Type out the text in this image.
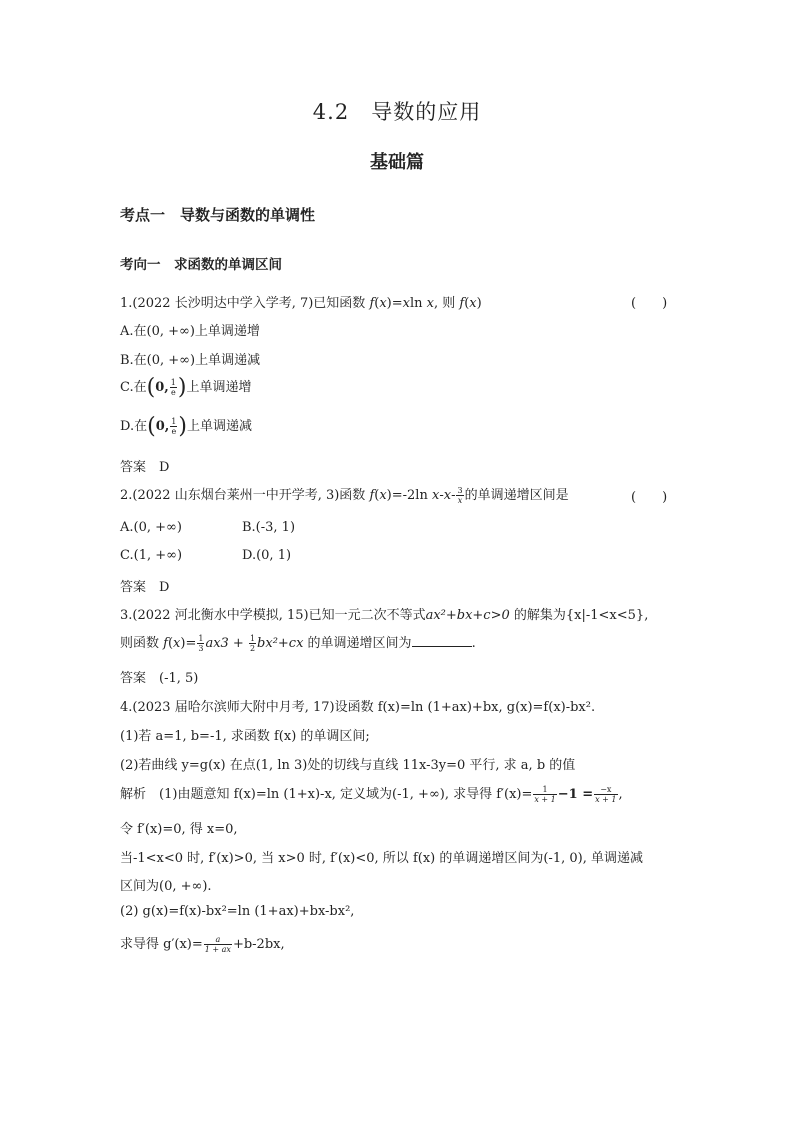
4.2　导数的应用
基础篇
考点一　导数与函数的单调性
考向一　求函数的单调区间
1.(2022 长沙明达中学入学考, 7)已知函数 f(x)=xln x, 则 f(x)	(　　)
A.在(0, +∞)上单调递增
B.在(0, +∞)上单调递减
C.在(0, $\frac{1}{e}$ )上单调递增
D.在(0, $\frac{1}{e}$ )上单调递减
答案　 D
2.(2022 山东烟台莱州一中开学考, 3)函数 f(x)=-2ln $x-x- \frac{3}{x}$ 的单调递增区间是	(　　)
A.(0, +∞)	B.(-3, 1)
C.(1, +∞)	D.(0, 1)
答案　 D
3.(2022 河北衡水中学模拟, 15)已知一元二次不等式ax²+bx+c>0 的解集为{x|-1<x<5},
则函数 $f(x)= \frac{1}{3} ax3 + \frac{1}{2} bx^2+cx$ 的单调递增区间为	.
答案　 (-1, 5)
4.(2023 届哈尔滨师大附中月考, 17)设函数 f(x)=ln (1+ax)+bx, g(x)=f(x)-bx².
(1)若 a=1, b=-1, 求函数 f(x) 的单调区间;
(2)若曲线 y=g(x) 在点(1, ln 3)处的切线与直线 11x-3y=0 平行, 求 a, b 的值
解析　 (1)由题意知 f(x)=ln (1+x)-x, 定义域为(-1, +∞), 求导得 $f'(x)= \frac{1}{x + 1} -1 = \frac{-x}{x + 1}$ ,
令 f′(x)=0, 得 x=0,
当-1<x<0 时, f′(x)>0, 当 x>0 时, f′(x)<0, 所以 f(x) 的单调递增区间为(-1, 0), 单调递减
区间为(0, +∞).
(2) g(x)=f(x)-bx²=ln (1+ax)+bx-bx²,
求导得 $g'(x)= \frac{a}{1 + ax} +b-2bx$,
